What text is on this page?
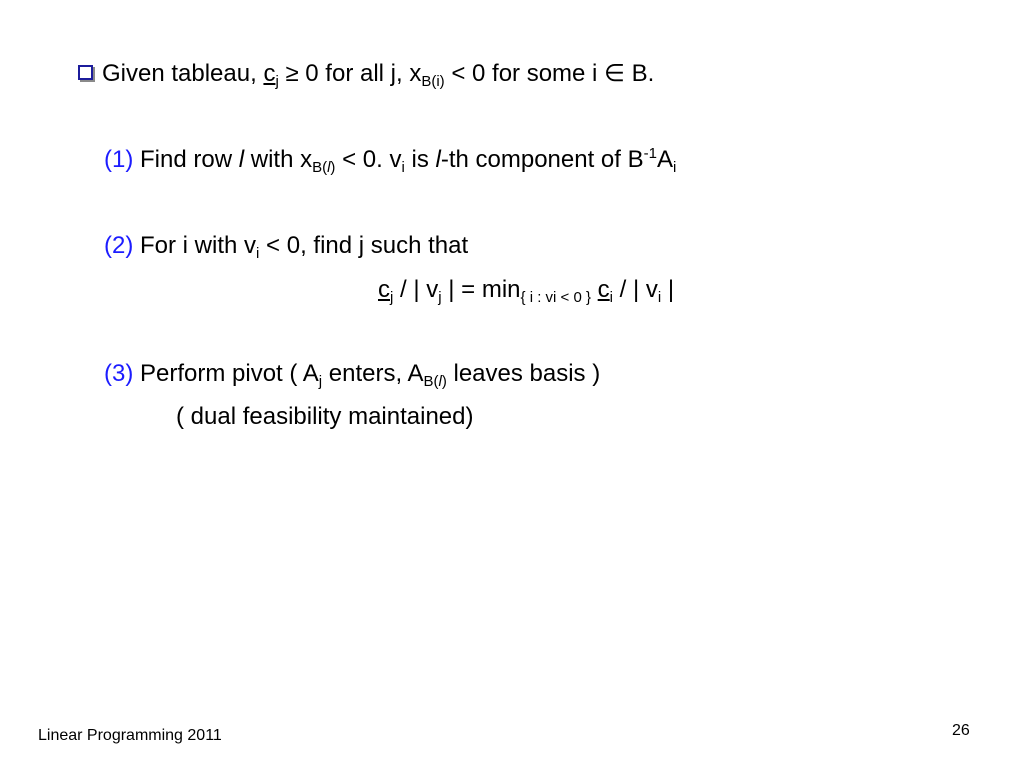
Given tableau, $c_j \ge 0$ for all j, $x_{B(i)} < 0$ for some i ∈ B.
(1) Find row l with $x_{B(l)} < 0$. $v_i$ is l-th component of $B^{-1}A_i$
(2) For i with $v_i < 0$, find j such that
$c_j$ / | $v_j$ | = $\min_{\{ i : vi < 0 \}} c_i$ / | $v_i$ |
(3) Perform pivot ( $A_j$ enters, $A_{B(l)}$ leaves basis )
( dual feasibility maintained)
Linear Programming 2011	26
